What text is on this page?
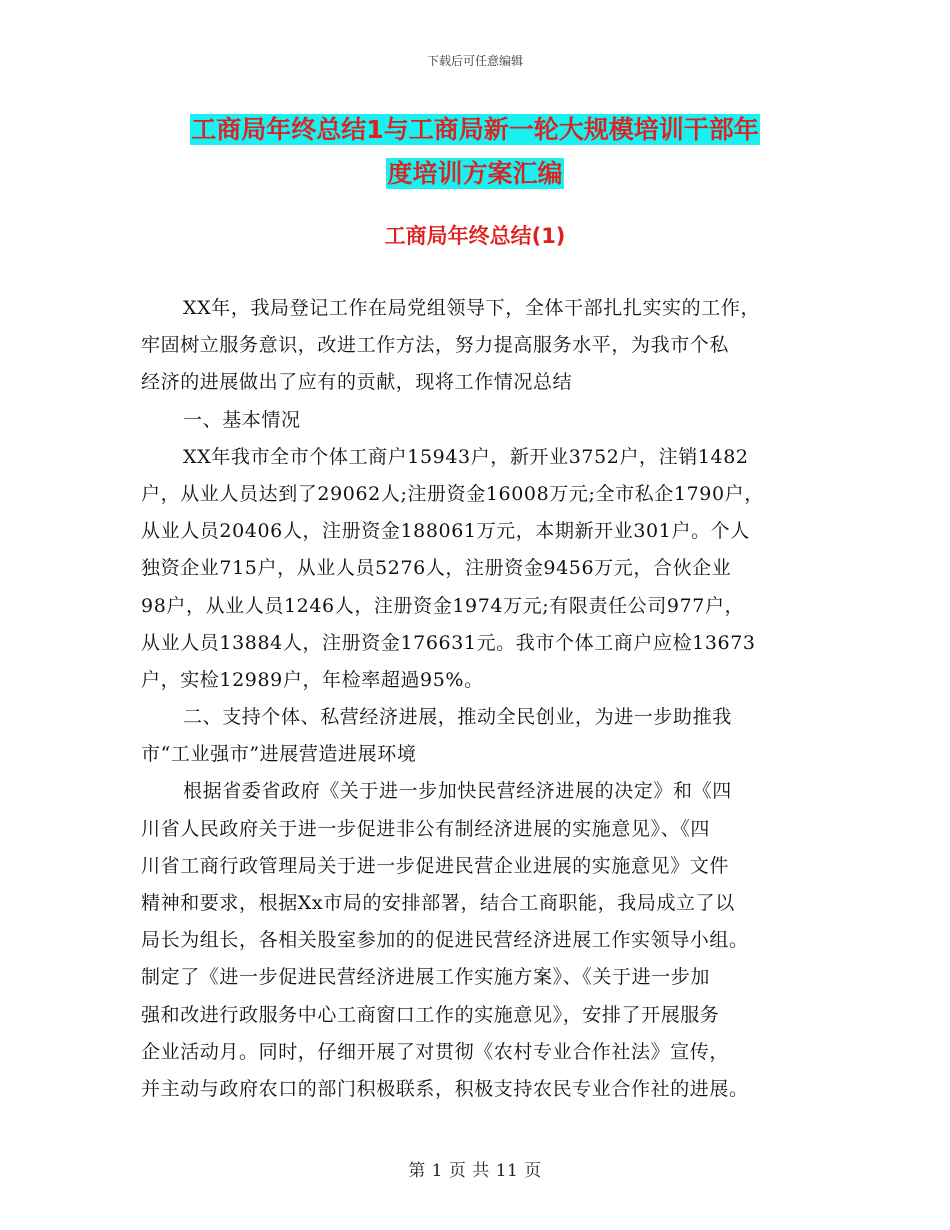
下载后可任意编辑
工商局年终总结1与工商局新一轮大规模培训干部年
度培训方案汇编
工商局年终总结(1)
XX年，我局登记工作在局党组领导下，全体干部扎扎实实的工作，
牢固树立服务意识，改进工作方法，努力提高服务水平，为我市个私
经济的进展做出了应有的贡献，现将工作情况总结
一、基本情况
XX年我市全市个体工商户15943户，新开业3752户，注销1482
户，从业人员达到了29062人;注册资金16008万元;全市私企1790户，
从业人员20406人，注册资金188061万元，本期新开业301户。个人
独资企业715户，从业人员5276人，注册资金9456万元，合伙企业
98户，从业人员1246人，注册资金1974万元;有限责任公司977户，
从业人员13884人，注册资金176631元。我市个体工商户应检13673
户，实检12989户，年检率超過95%。
二、支持个体、私营经济进展，推动全民创业，为进一步助推我
市“工业强市”进展营造进展环境
根据省委省政府《关于进一步加快民营经济进展的决定》和《四
川省人民政府关于进一步促进非公有制经济进展的实施意见》、《四
川省工商行政管理局关于进一步促进民营企业进展的实施意见》文件
精神和要求，根据Xx市局的安排部署，结合工商职能，我局成立了以
局长为组长，各相关股室参加的的促进民营经济进展工作实领导小组。
制定了《进一步促进民营经济进展工作实施方案》、《关于进一步加
强和改进行政服务中心工商窗口工作的实施意见》，安排了开展服务
企业活动月。同时，仔细开展了对贯彻《农村专业合作社法》宣传，
并主动与政府农口的部门积极联系，积极支持农民专业合作社的进展。
第 1 页 共 11 页
